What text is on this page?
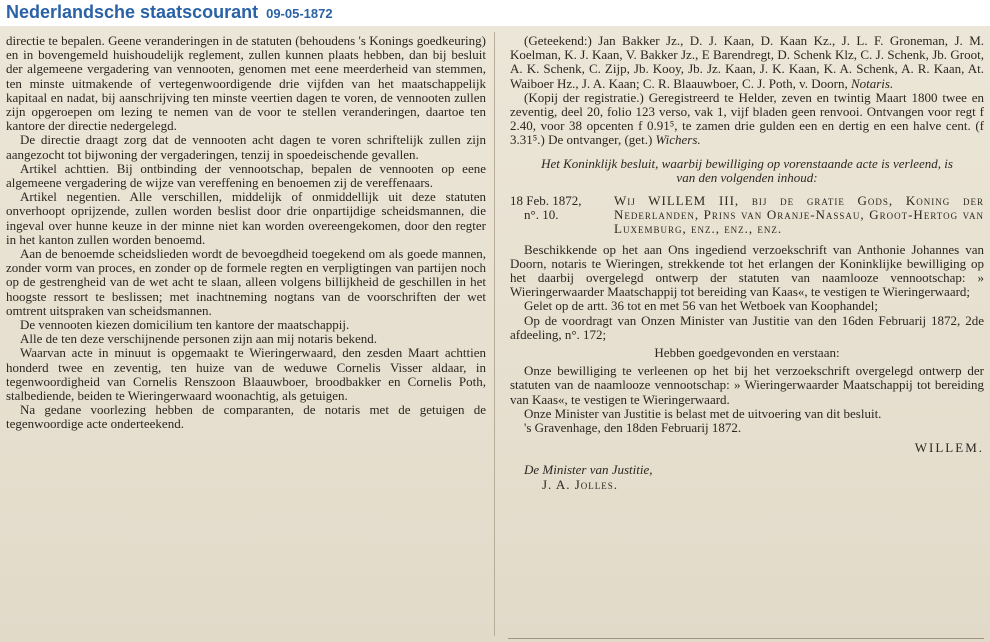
Nederlandsche staatscourant 09-05-1872

directie te bepalen. Geene veranderingen in de statuten (behoudens 's Konings goedkeuring) en in bovengemeld huishoudelijk reglement, zullen kunnen plaats hebben, dan bij besluit der algemeene vergadering van vennooten, genomen met eene meerderheid van stemmen, ten minste uitmakende of vertegenwoordigende drie vijfden van het maatschappelijk kapitaal en nadat, bij aanschrijving ten minste veertien dagen te voren, de vennooten zullen zijn opgeroepen om lezing te nemen van de voor te stellen veranderingen, daartoe ten kantore der directie nedergelegd.

De directie draagt zorg dat de vennooten acht dagen te voren schriftelijk zullen zijn aangezocht tot bijwoning der vergaderingen, tenzij in spoedeischende gevallen.

Artikel achttien. Bij ontbinding der vennootschap, bepalen de vennooten op eene algemeene vergadering de wijze van vereffening en benoemen zij de vereffenaars.

Artikel negentien. Alle verschillen, middelijk of onmiddellijk uit deze statuten onverhoopt oprijzende, zullen worden beslist door drie onpartijdige scheidsmannen, die ingeval over hunne keuze in der minne niet kan worden overeengekomen, door den regter in het kanton zullen worden benoemd.

Aan de benoemde scheidslieden wordt de bevoegdheid toegekend om als goede mannen, zonder vorm van proces, en zonder op de formele regten en verpligtingen van partijen noch op de gestrengheid van de wet acht te slaan, alleen volgens billijkheid de geschillen in het hoogste ressort te beslissen; met inachtneming nogtans van de voorschriften der wet omtrent uitspraken van scheidsmannen.

De vennooten kiezen domicilium ten kantore der maatschappij.

Alle de ten deze verschijnende personen zijn aan mij notaris bekend.

Waarvan acte in minuut is opgemaakt te Wieringerwaard, den zesden Maart achttien honderd twee en zeventig, ten huize van de weduwe Cornelis Visser aldaar, in tegenwoordigheid van Cornelis Renszoon Blaauwboer, broodbakker en Cornelis Poth, stalbediende, beiden te Wieringerwaard woonachtig, als getuigen.

Na gedane voorlezing hebben de comparanten, de notaris met de getuigen de tegenwoordige acte onderteekend.

(Geteekend:) Jan Bakker Jz., D. J. Kaan, D. Kaan Kz., J. L. F. Groneman, J. M. Koelman, K. J. Kaan, V. Bakker Jz., E Barendregt, D. Schenk Klz, C. J. Schenk, Jb. Groot, A. K. Schenk, C. Zijp, Jb. Kooy, Jb. Jz. Kaan, J. K. Kaan, K. A. Schenk, A. R. Kaan, At. Waiboer Hz., J. A. Kaan; C. R. Blaauwboer, C. J. Poth, v. Doorn, Notaris.

(Kopij der registratie.) Geregistreerd te Helder, zeven en twintig Maart 1800 twee en zeventig, deel 20, folio 123 verso, vak 1, vijf bladen geen renvooi. Ontvangen voor regt f 2.40, voor 38 opcenten f 0.91⁵, te zamen drie gulden een en dertig en een halve cent. (f 3.31⁵.) De ontvanger, (get.) Wichers.

Het Koninklijk besluit, waarbij bewilliging op vorenstaande acte is verleend, is van den volgenden inhoud:

18 Feb. 1872,
n°. 10.
Wij WILLEM III, bij de gratie Gods, Koning der Nederlanden, Prins van Oranje-Nassau, Groot-Hertog van Luxemburg, enz., enz., enz.

Beschikkende op het aan Ons ingediend verzoekschrift van Anthonie Johannes van Doorn, notaris te Wieringen, strekkende tot het erlangen der Koninklijke bewilliging op het daarbij overgelegd ontwerp der statuten van naamlooze vennootschap: » Wieringerwaarder Maatschappij tot bereiding van Kaas«, te vestigen te Wieringerwaard;

Gelet op de artt. 36 tot en met 56 van het Wetboek van Koophandel;

Op de voordragt van Onzen Minister van Justitie van den 16den Februarij 1872, 2de afdeeling, n°. 172;

Hebben goedgevonden en verstaan:

Onze bewilliging te verleenen op het bij het verzoekschrift overgelegd ontwerp der statuten van de naamlooze vennootschap: » Wieringerwaarder Maatschappij tot bereiding van Kaas«, te vestigen te Wieringerwaard.

Onze Minister van Justitie is belast met de uitvoering van dit besluit.

's Gravenhage, den 18den Februarij 1872.

WILLEM.

De Minister van Justitie,

J. A. Jolles.
